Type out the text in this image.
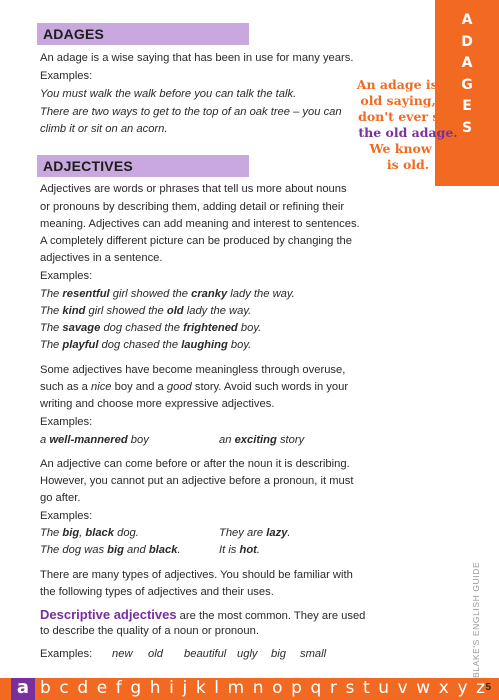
A
D
A
G
E
S
An adage is an
old saying, so
don't ever say,
the old adage.
We know it
is old.
ADAGES
An adage is a wise saying that has been in use for many years.
Examples:
You must walk the walk before you can talk the talk.
There are two ways to get to the top of an oak tree – you can
climb it or sit on an acorn.
ADJECTIVES
Adjectives are words or phrases that tell us more about nouns
or pronouns by describing them, adding detail or refining their
meaning. Adjectives can add meaning and interest to sentences.
A completely different picture can be produced by changing the
adjectives in a sentence.
Examples:
The resentful girl showed the cranky lady the way.
The kind girl showed the old lady the way.
The savage dog chased the frightened boy.
The playful dog chased the laughing boy.
Some adjectives have become meaningless through overuse,
such as a nice boy and a good story. Avoid such words in your
writing and choose more expressive adjectives.
Examples:
a well-mannered boy	an exciting story
An adjective can come before or after the noun it is describing.
However, you cannot put an adjective before a pronoun, it must
go after.
Examples:
The big, black dog.	They are lazy.
The dog was big and black.	It is hot.
There are many types of adjectives. You should be familiar with
the following types of adjectives and their uses.
Descriptive adjectives are the most common. They are used
to describe the quality of a noun or pronoun.
Examples: new old beautiful ugly big small	BLAKE'S ENGLISH GUIDE
a b c d e f g h i j k l m n o p q r s t u v w x y z
5
